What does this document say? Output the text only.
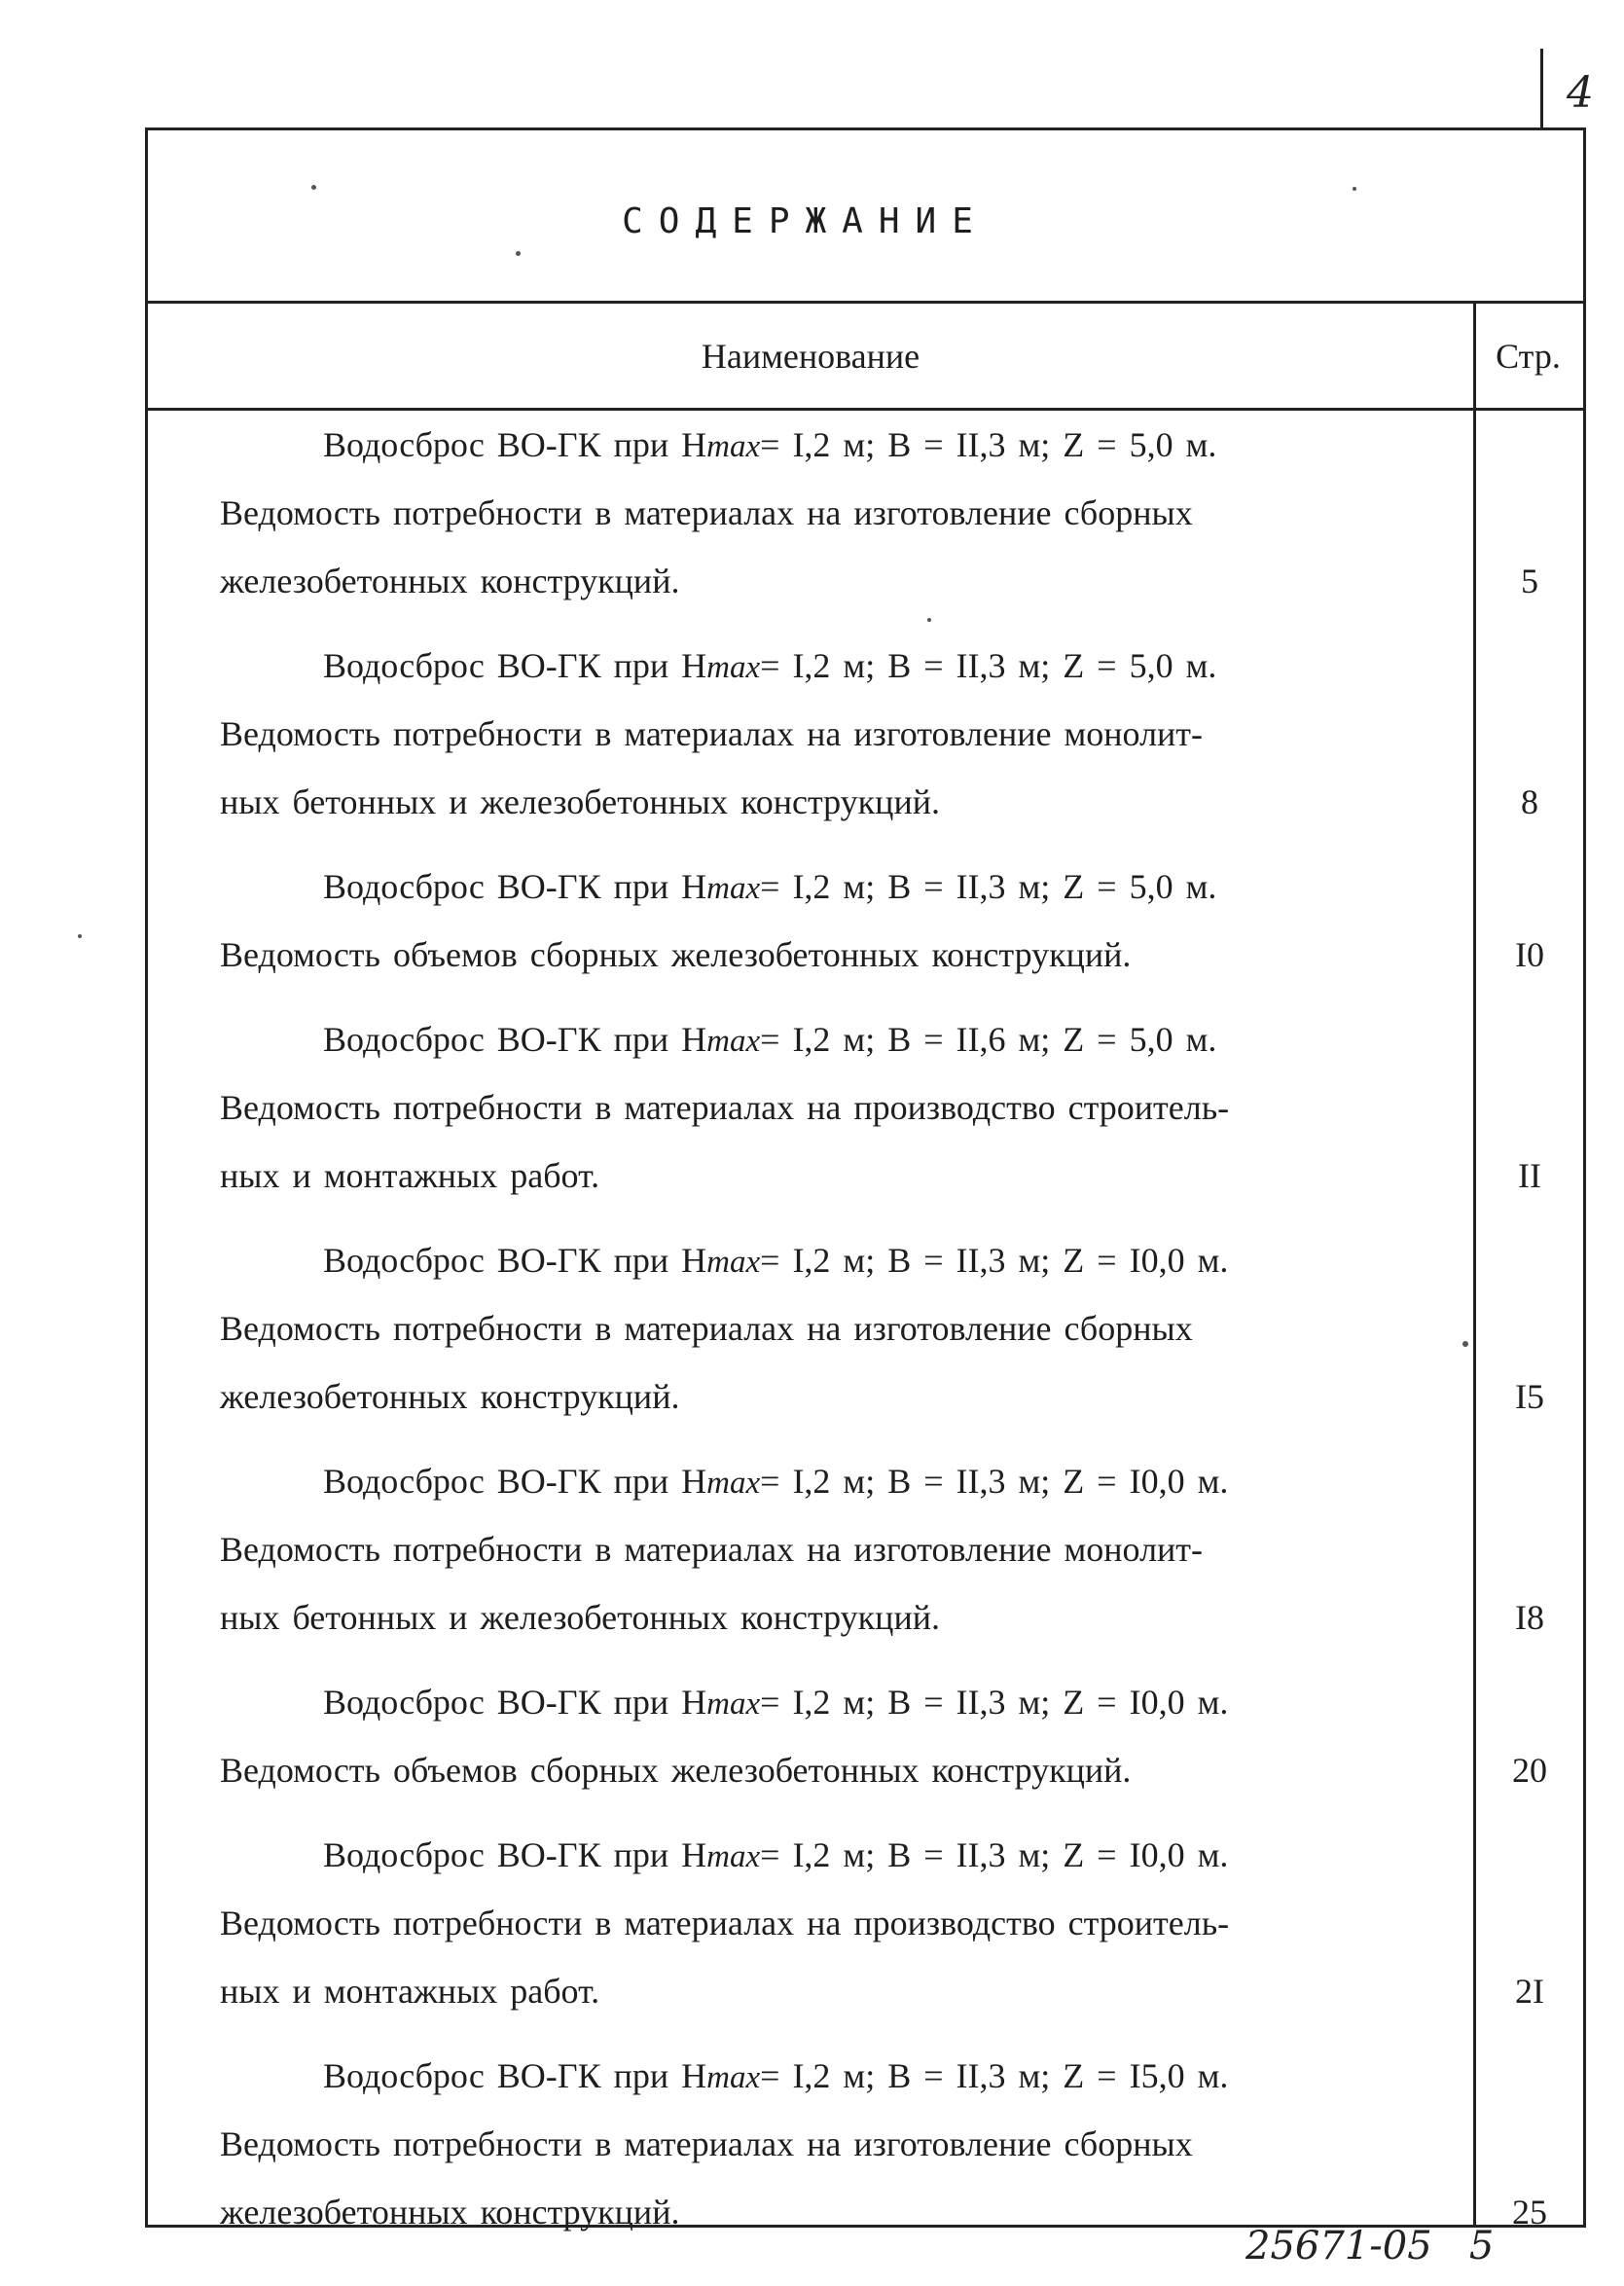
4
СОДЕРЖАНИЕ
Наименование	Стр.
Водосброс ВО-ГК при Нmax= I,2 м; В = II,3 м; Z = 5,0 м.
Ведомость потребности в материалах на изготовление сборных
железобетонных конструкций.	5
Водосброс ВО-ГК при Нmax= I,2 м; В = II,3 м; Z = 5,0 м.
Ведомость потребности в материалах на изготовление монолит-
ных бетонных и железобетонных конструкций.	8
Водосброс ВО-ГК при Нmax= I,2 м; В = II,3 м; Z = 5,0 м.
Ведомость объемов сборных железобетонных конструкций.	I0
Водосброс ВО-ГК при Нmax= I,2 м; В = II,6 м; Z = 5,0 м.
Ведомость потребности в материалах на производство строитель-
ных и монтажных работ.	II
Водосброс ВО-ГК при Нmax= I,2 м; В = II,3 м; Z = I0,0 м.
Ведомость потребности в материалах на изготовление сборных
железобетонных конструкций.	I5
Водосброс ВО-ГК при Нmax= I,2 м; В = II,3 м; Z = I0,0 м.
Ведомость потребности в материалах на изготовление монолит-
ных бетонных и железобетонных конструкций.	I8
Водосброс ВО-ГК при Нmax= I,2 м; В = II,3 м; Z = I0,0 м.
Ведомость объемов сборных железобетонных конструкций.	20
Водосброс ВО-ГК при Нmax= I,2 м; В = II,3 м; Z = I0,0 м.
Ведомость потребности в материалах на производство строитель-
ных и монтажных работ.	2I
Водосброс ВО-ГК при Нmax= I,2 м; В = II,3 м; Z = I5,0 м.
Ведомость потребности в материалах на изготовление сборных
железобетонных конструкций.	25
25671-05 5
